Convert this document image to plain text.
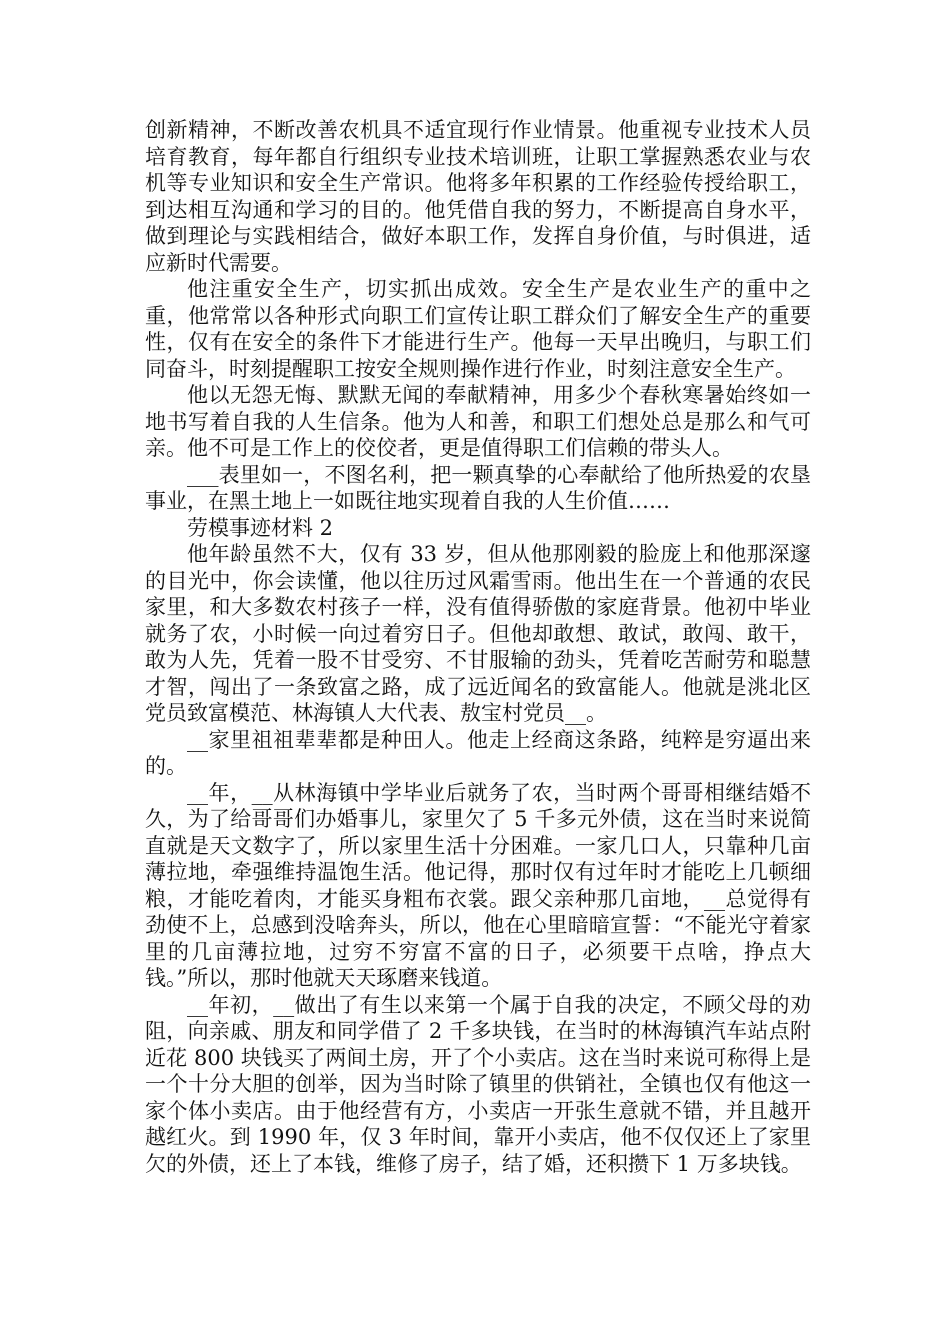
创新精神，不断改善农机具不适宜现行作业情景。他重视专业技术人员培育教育，每年都自行组织专业技术培训班，让职工掌握熟悉农业与农机等专业知识和安全生产常识。他将多年积累的工作经验传授给职工，到达相互沟通和学习的目的。他凭借自我的努力，不断提高自身水平，做到理论与实践相结合，做好本职工作，发挥自身价值，与时俱进，适应新时代需要。

他注重安全生产，切实抓出成效。安全生产是农业生产的重中之重，他常常以各种形式向职工们宣传让职工群众们了解安全生产的重要性，仅有在安全的条件下才能进行生产。他每一天早出晚归，与职工们同奋斗，时刻提醒职工按安全规则操作进行作业，时刻注意安全生产。

他以无怨无悔、默默无闻的奉献精神，用多少个春秋寒暑始终如一地书写着自我的人生信条。他为人和善，和职工们想处总是那么和气可亲。他不可是工作上的佼佼者，更是值得职工们信赖的带头人。

___表里如一，不图名利，把一颗真挚的心奉献给了他所热爱的农垦事业，在黑土地上一如既往地实现着自我的人生价值……

劳模事迹材料 2

他年龄虽然不大，仅有 33 岁，但从他那刚毅的脸庞上和他那深邃的目光中，你会读懂，他以往历过风霜雪雨。他出生在一个普通的农民家里，和大多数农村孩子一样，没有值得骄傲的家庭背景。他初中毕业就务了农，小时候一向过着穷日子。但他却敢想、敢试，敢闯、敢干，敢为人先，凭着一股不甘受穷、不甘服输的劲头，凭着吃苦耐劳和聪慧才智，闯出了一条致富之路，成了远近闻名的致富能人。他就是洮北区党员致富模范、林海镇人大代表、敖宝村党员__。

__家里祖祖辈辈都是种田人。他走上经商这条路，纯粹是穷逼出来的。

__年，__从林海镇中学毕业后就务了农，当时两个哥哥相继结婚不久，为了给哥哥们办婚事儿，家里欠了 5 千多元外债，这在当时来说简直就是天文数字了，所以家里生活十分困难。一家几口人，只靠种几亩薄拉地，牵强维持温饱生活。他记得，那时仅有过年时才能吃上几顿细粮，才能吃着肉，才能买身粗布衣裳。跟父亲种那几亩地，__总觉得有劲使不上，总感到没啥奔头，所以，他在心里暗暗宣誓：“不能光守着家里的几亩薄拉地，过穷不穷富不富的日子，必须要干点啥，挣点大钱。”所以，那时他就天天琢磨来钱道。

__年初，__做出了有生以来第一个属于自我的决定，不顾父母的劝阻，向亲戚、朋友和同学借了 2 千多块钱，在当时的林海镇汽车站点附近花 800 块钱买了两间土房，开了个小卖店。这在当时来说可称得上是一个十分大胆的创举，因为当时除了镇里的供销社，全镇也仅有他这一家个体小卖店。由于他经营有方，小卖店一开张生意就不错，并且越开越红火。到 1990 年，仅 3 年时间，靠开小卖店，他不仅仅还上了家里欠的外债，还上了本钱，维修了房子，结了婚，还积攒下 1 万多块钱。
